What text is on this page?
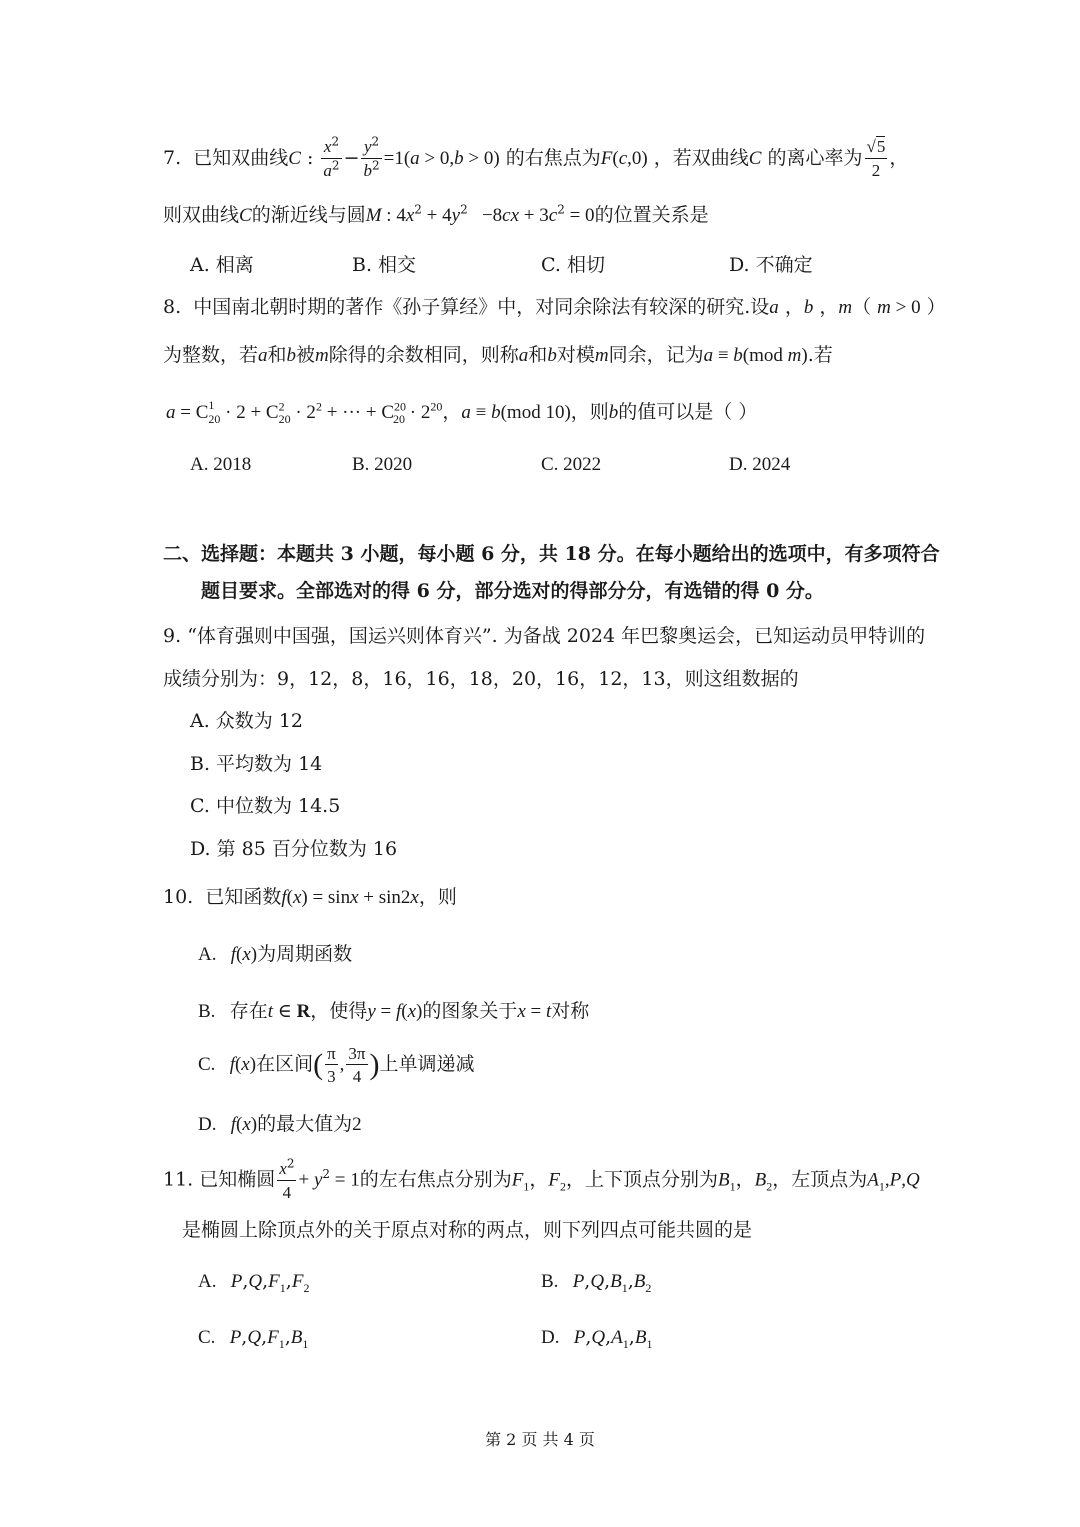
7. 已知双曲线C : $\frac{x^2}{a^2} - \frac{y^2}{b^2} =1(a > 0,b > 0)$ 的右焦点为F(c,0) ，若双曲线C 的离心率为 $\frac{√5}{2}$ ，
则双曲线C的渐近线与圆M : $4x^2 + 4y^2 -8cx + 3c^2 = 0$的位置关系是
A. 相离	B. 相交	C. 相切	D. 不确定
8. 中国南北朝时期的著作《孙子算经》中，对同余除法有较深的研究.设a ，b ，m（ m > 0 ）
为整数，若a和b被m除得的余数相同，则称a和b对模m同余，记为a ≡ b(mod m).若
$a = C^1_{20} \cdot 2 + C^2_{20} \cdot 2^2$ + ··· + $C^{20}_{20} \cdot 2^{20}$，a ≡ b(mod 10)，则b的值可以是（ ）
A. 2018	B. 2020	C. 2022	D. 2024
二、选择题：本题共 3 小题，每小题 6 分，共 18 分。在每小题给出的选项中，有多项符合
题目要求。全部选对的得 6 分，部分选对的得部分分，有选错的得 0 分。
9. “体育强则中国强，国运兴则体育兴”. 为备战 2024 年巴黎奥运会，已知运动员甲特训的
成绩分别为：9，12，8，16，16，18，20，16，12，13，则这组数据的
A. 众数为 12
B. 平均数为 14
C. 中位数为 14.5
D. 第 85 百分位数为 16
10. 已知函数f(x) = sinx + sin2x，则
A.   f(x)为周期函数
B.   存在t ∈ R，使得y = f(x)的图象关于x = t对称
C.   f(x)在区间( $\frac{\pi}{3}$ , $\frac{3\pi}{4}$ )上单调递减
D.   f(x)的最大值为2
11. 已知椭圆 $\frac{x^2}{4} + y^2 = 1$的左右焦点分别为$F_1$，$F_2$，上下顶点分别为$B_1$，$B_2$，左顶点为$A_1,P,Q$
是椭圆上除顶点外的关于原点对称的两点，则下列四点可能共圆的是
A.   $P,Q,F_1,F_2$	B.   $P,Q,B_1,B_2$
C.   $P,Q,F_1,B_1$	D.   $P,Q,A_1,B_1$
第 2 页 共 4 页
